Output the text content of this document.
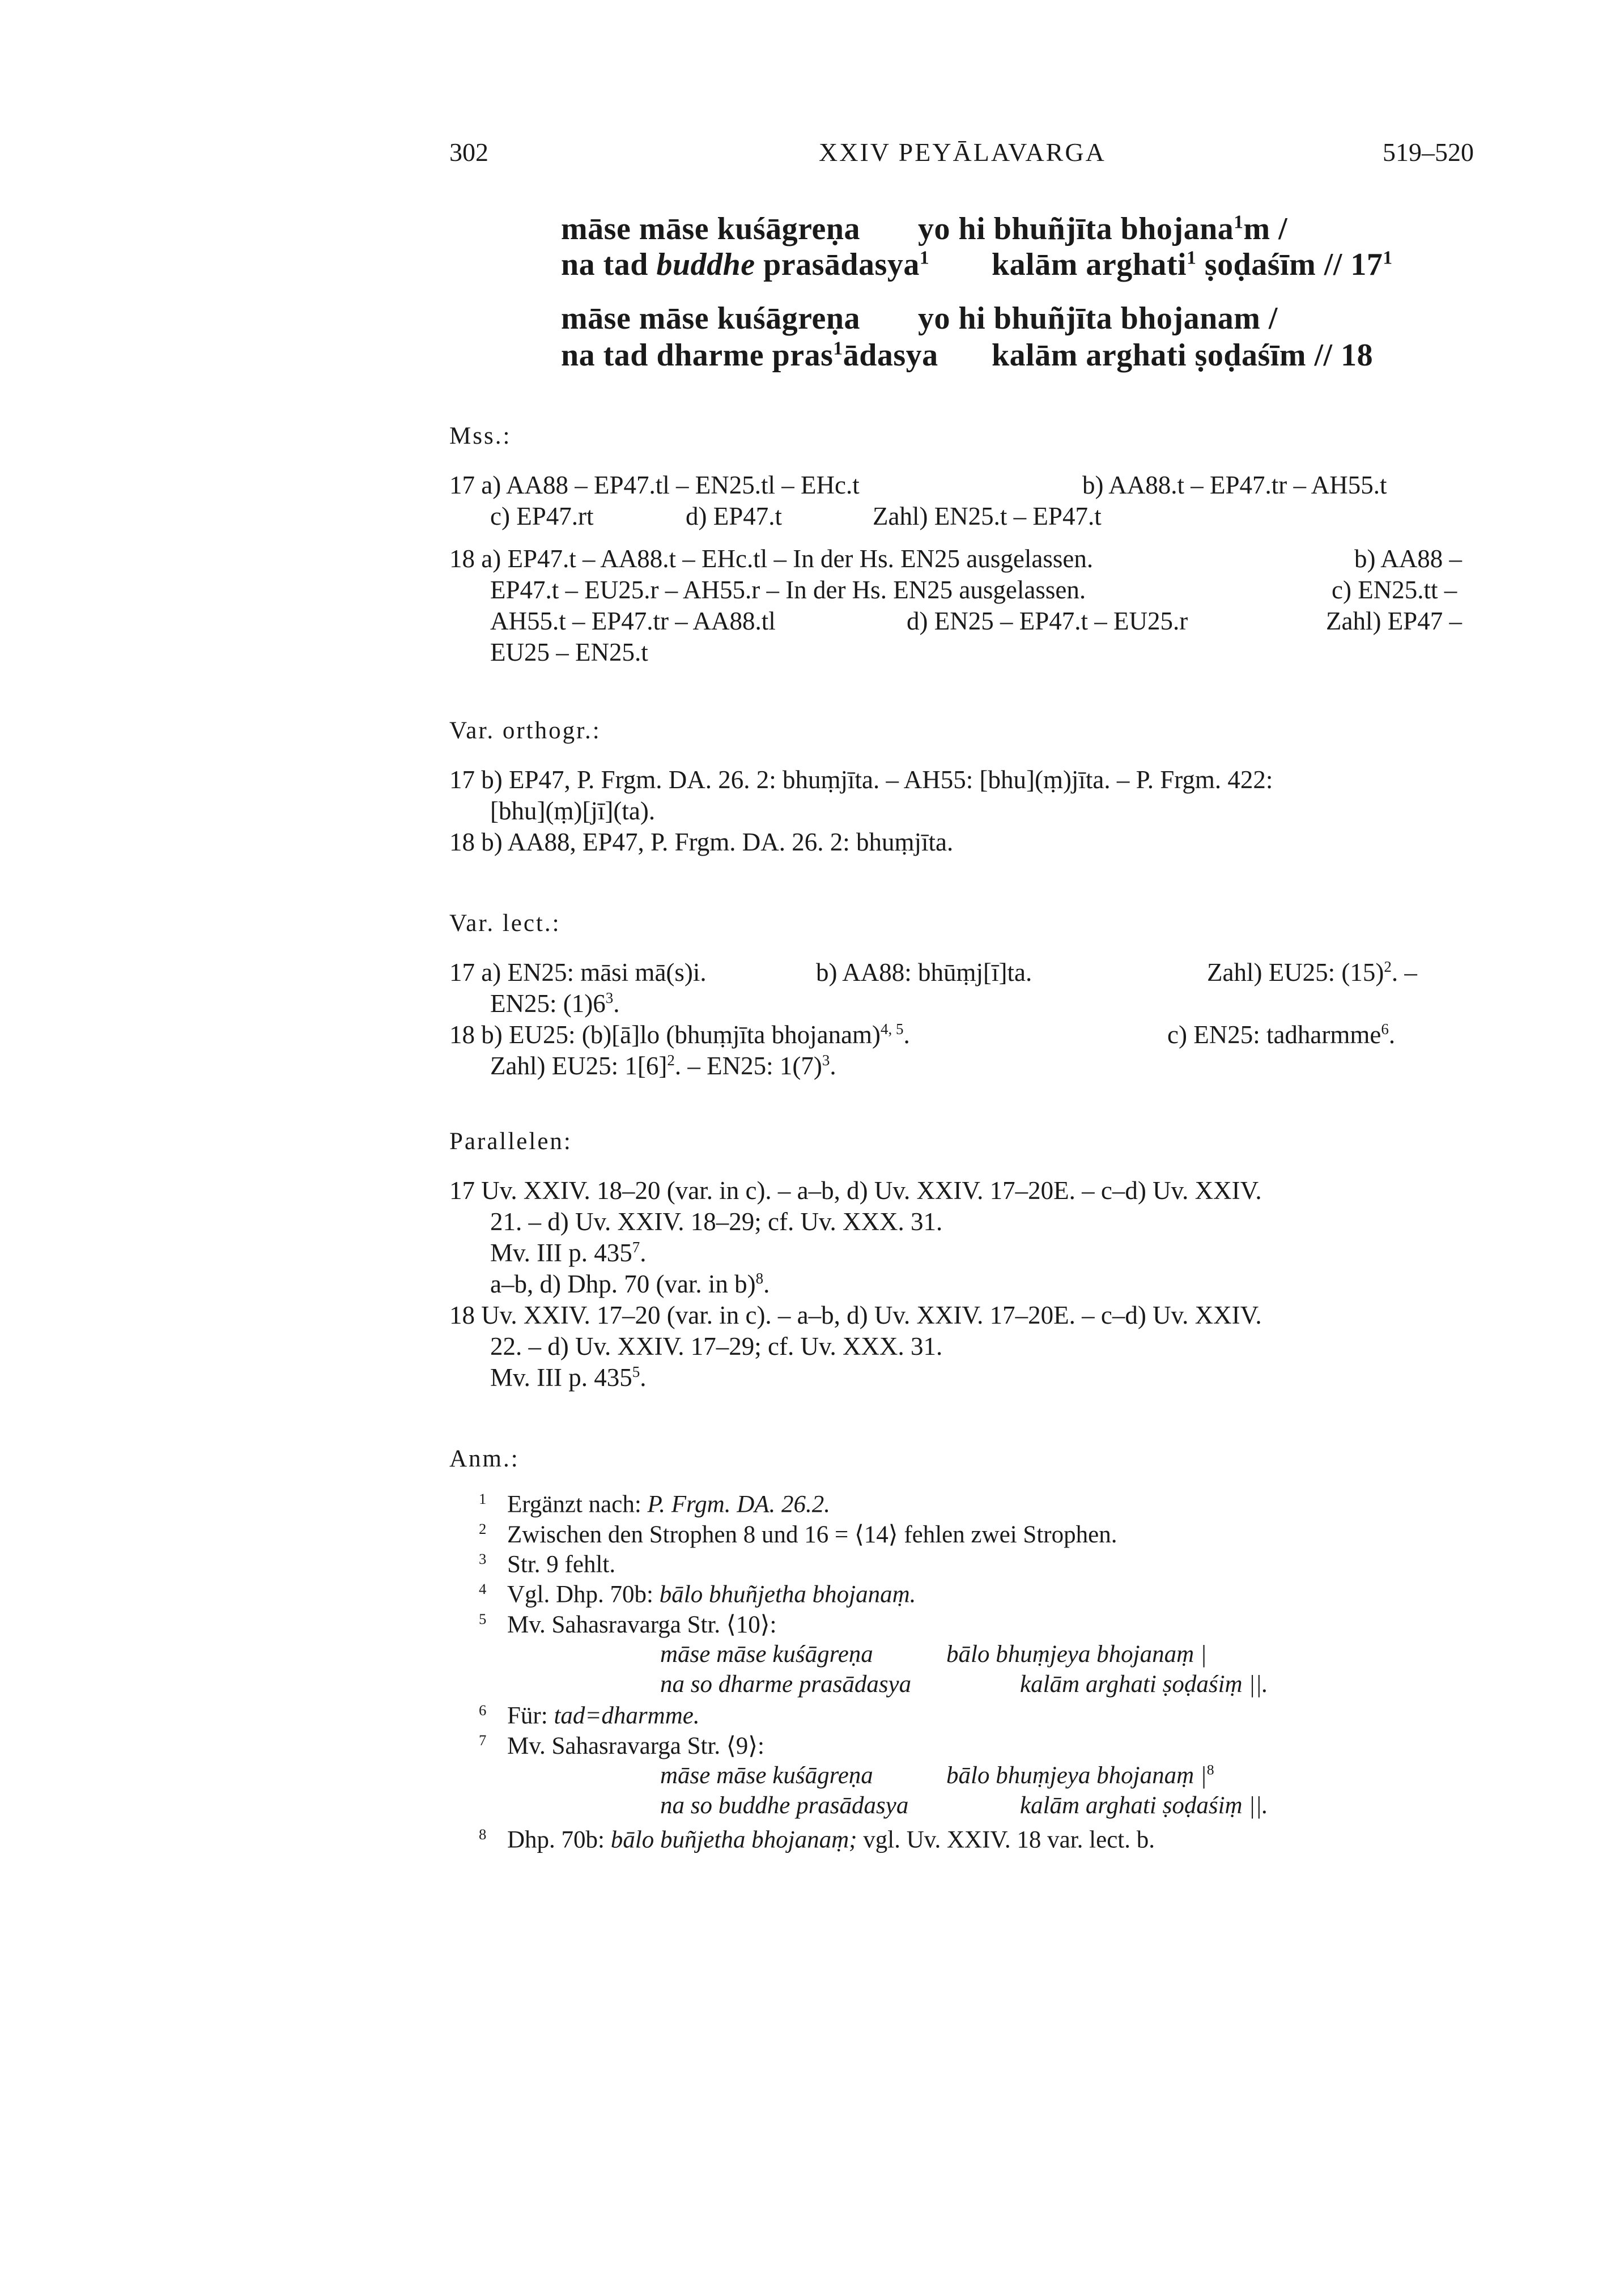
302	XXIV PEYĀLAVARGA	519–520
māse māse kuśāgreṇa yo hi bhuñjīta bhojana$^1$m /
na tad buddhe prasādasya$^1$ kalām arghati$^1$ ṣoḍaśīm // $17^1$
māse māse kuśāgreṇa yo hi bhuñjīta bhojanam /
na tad dharme pras$^1$ādasya kalām arghati ṣoḍaśīm // 18
Mss.:
17 a) AA88 – EP47.tl – EN25.tl – EHc.t	b) AA88.t – EP47.tr – AH55.t
c) EP47.rt	d) EP47.t	Zahl) EN25.t – EP47.t
18 a) EP47.t – AA88.t – EHc.tl – In der Hs. EN25 ausgelassen.	b) AA88 –
EP47.t – EU25.r – AH55.r – In der Hs. EN25 ausgelassen.	c) EN25.tt –
AH55.t – EP47.tr – AA88.tl	d) EN25 – EP47.t – EU25.r	Zahl) EP47 –
EU25 – EN25.t
Var. orthogr.:
17 b) EP47, P. Frgm. DA. 26. 2: bhuṃjīta. – AH55: [bhu](ṃ)jīta. – P. Frgm. 422:
[bhu](ṃ)[jī](ta).
18 b) AA88, EP47, P. Frgm. DA. 26. 2: bhuṃjīta.
Var. lect.:
17 a) EN25: māsi mā(s)i.	b) AA88: bhūṃj[ī]ta.	Zahl) EU25: $(15)^2$. –
EN25: $(1)6^3$.
18 b) EU25: (b)[ā]lo (bhuṃjīta bhojanam)$^{4, 5}$.	c) EN25: tadharmme$^6$.
Zahl) EU25: $1[6]^2$. – EN25: $1(7)^3$.
Parallelen:
17 Uv. XXIV. 18–20 (var. in c). – a–b, d) Uv. XXIV. 17–20E. – c–d) Uv. XXIV.
21. – d) Uv. XXIV. 18–29; cf. Uv. XXX. 31.
Mv. III p. $435^7$.
a–b, d) Dhp. 70 (var. in b)$^8$.
18 Uv. XXIV. 17–20 (var. in c). – a–b, d) Uv. XXIV. 17–20E. – c–d) Uv. XXIV.
22. – d) Uv. XXIV. 17–29; cf. Uv. XXX. 31.
Mv. III p. $435^5$.
Anm.:
1 Ergänzt nach: P. Frgm. DA. 26.2.
2 Zwischen den Strophen 8 und 16 = ⟨14⟩ fehlen zwei Strophen.
3 Str. 9 fehlt.
4 Vgl. Dhp. 70b: bālo bhuñjetha bhojanaṃ.
5 Mv. Sahasravarga Str. ⟨10⟩:
māse māse kuśāgreṇa	bālo bhuṃjeya bhojanaṃ |
na so dharme prasādasya	kalām arghati ṣoḍaśiṃ ||.
6 Für: tad=dharmme.
7 Mv. Sahasravarga Str. ⟨9⟩:
māse māse kuśāgreṇa	bālo bhuṃjeya bhojanaṃ $|^8$
na so buddhe prasādasya	kalām arghati ṣoḍaśiṃ ||.
8 Dhp. 70b: bālo buñjetha bhojanaṃ; vgl. Uv. XXIV. 18 var. lect. b.
